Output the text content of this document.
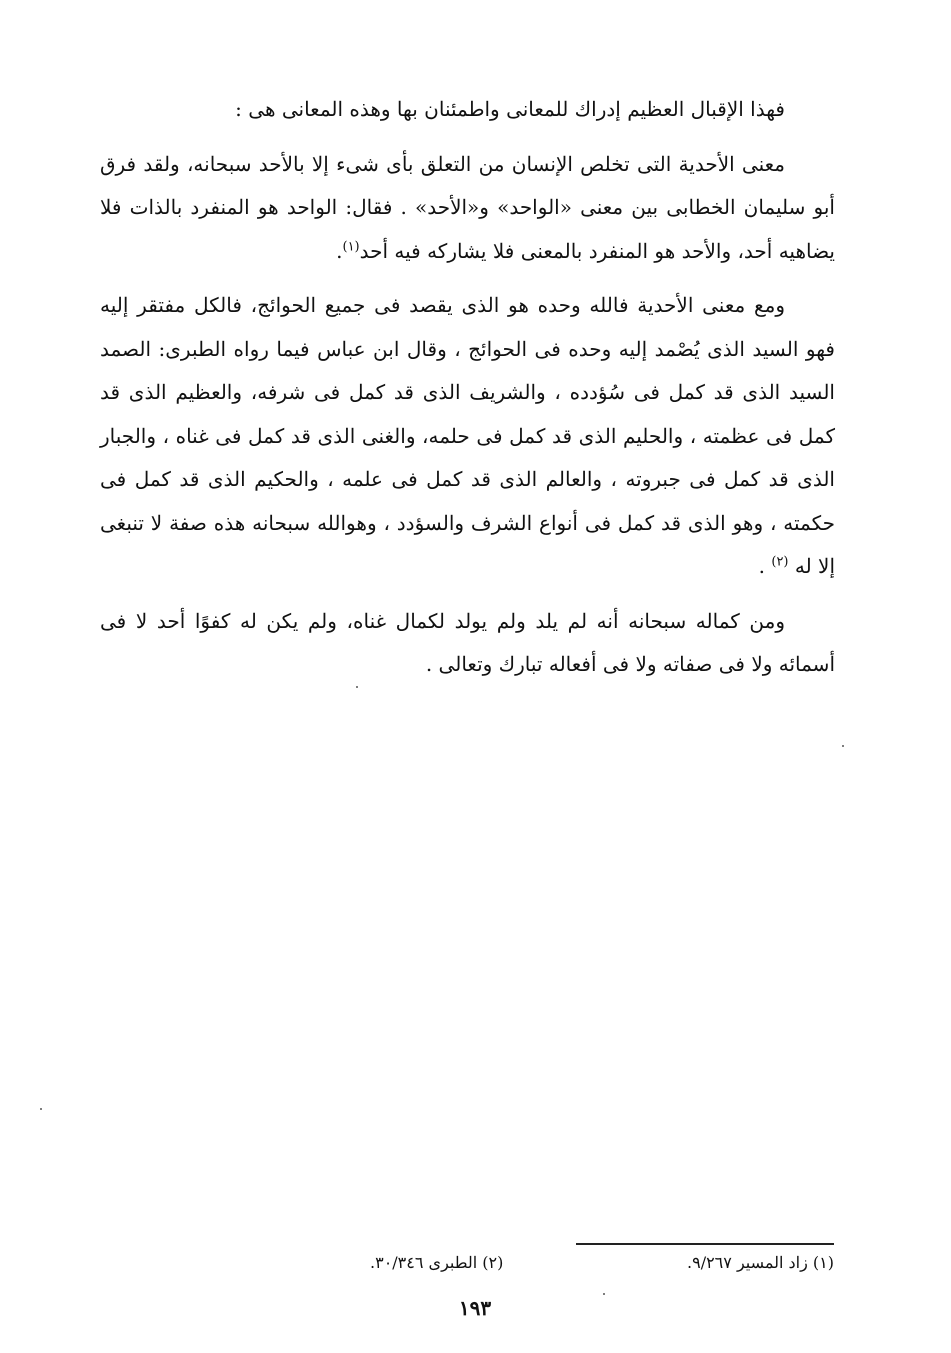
فهذا الإقبال العظيم إدراك للمعانى واطمئنان بها وهذه المعانى هى :

معنى الأحدية التى تخلص الإنسان من التعلق بأى شىء إلا بالأحد سبحانه، ولقد فرق أبو سليمان الخطابى بين معنى «الواحد» و«الأحد» . فقال: الواحد هو المنفرد بالذات فلا يضاهيه أحد، والأحد هو المنفرد بالمعنى فلا يشاركه فيه أحد$^{(١)}$.

ومع معنى الأحدية فالله وحده هو الذى يقصد فى جميع الحوائج، فالكل مفتقر إليه فهو السيد الذى يُصْمد إليه وحده فى الحوائج ، وقال ابن عباس فيما رواه الطبرى: الصمد السيد الذى قد كمل فى سُؤدده ، والشريف الذى قد كمل فى شرفه، والعظيم الذى قد كمل فى عظمته ، والحليم الذى قد كمل فى حلمه، والغنى الذى قد كمل فى غناه ، والجبار الذى قد كمل فى جبروته ، والعالم الذى قد كمل فى علمه ، والحكيم الذى قد كمل فى حكمته ، وهو الذى قد كمل فى أنواع الشرف والسؤدد ، وهوالله سبحانه هذه صفة لا تنبغى إلا له $^{(٢)}$ .

ومن كماله سبحانه أنه لم يلد ولم يولد لكمال غناه، ولم يكن له كفوًا أحد لا فى أسمائه ولا فى صفاته ولا فى أفعاله تبارك وتعالى .

(١) زاد المسير ٩/٢٦٧.
(٢) الطبرى ٣٠/٣٤٦.
١٩٣
